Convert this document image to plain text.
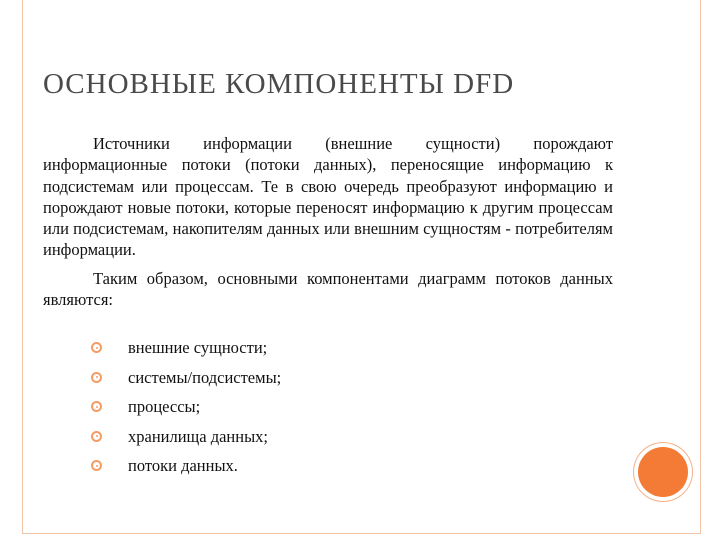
ОСНОВНЫЕ КОМПОНЕНТЫ DFD

Источники информации (внешние сущности) порождают информационные потоки (потоки данных), переносящие информацию к подсистемам или процессам. Те в свою очередь преобразуют информацию и порождают новые потоки, которые переносят информацию к другим процессам или подсистемам, накопителям данных или внешним сущностям - потребителям информации.

Таким образом, основными компонентами диаграмм потоков данных являются:

внешние сущности;
системы/подсистемы;
процессы;
хранилища данных;
потоки данных.
